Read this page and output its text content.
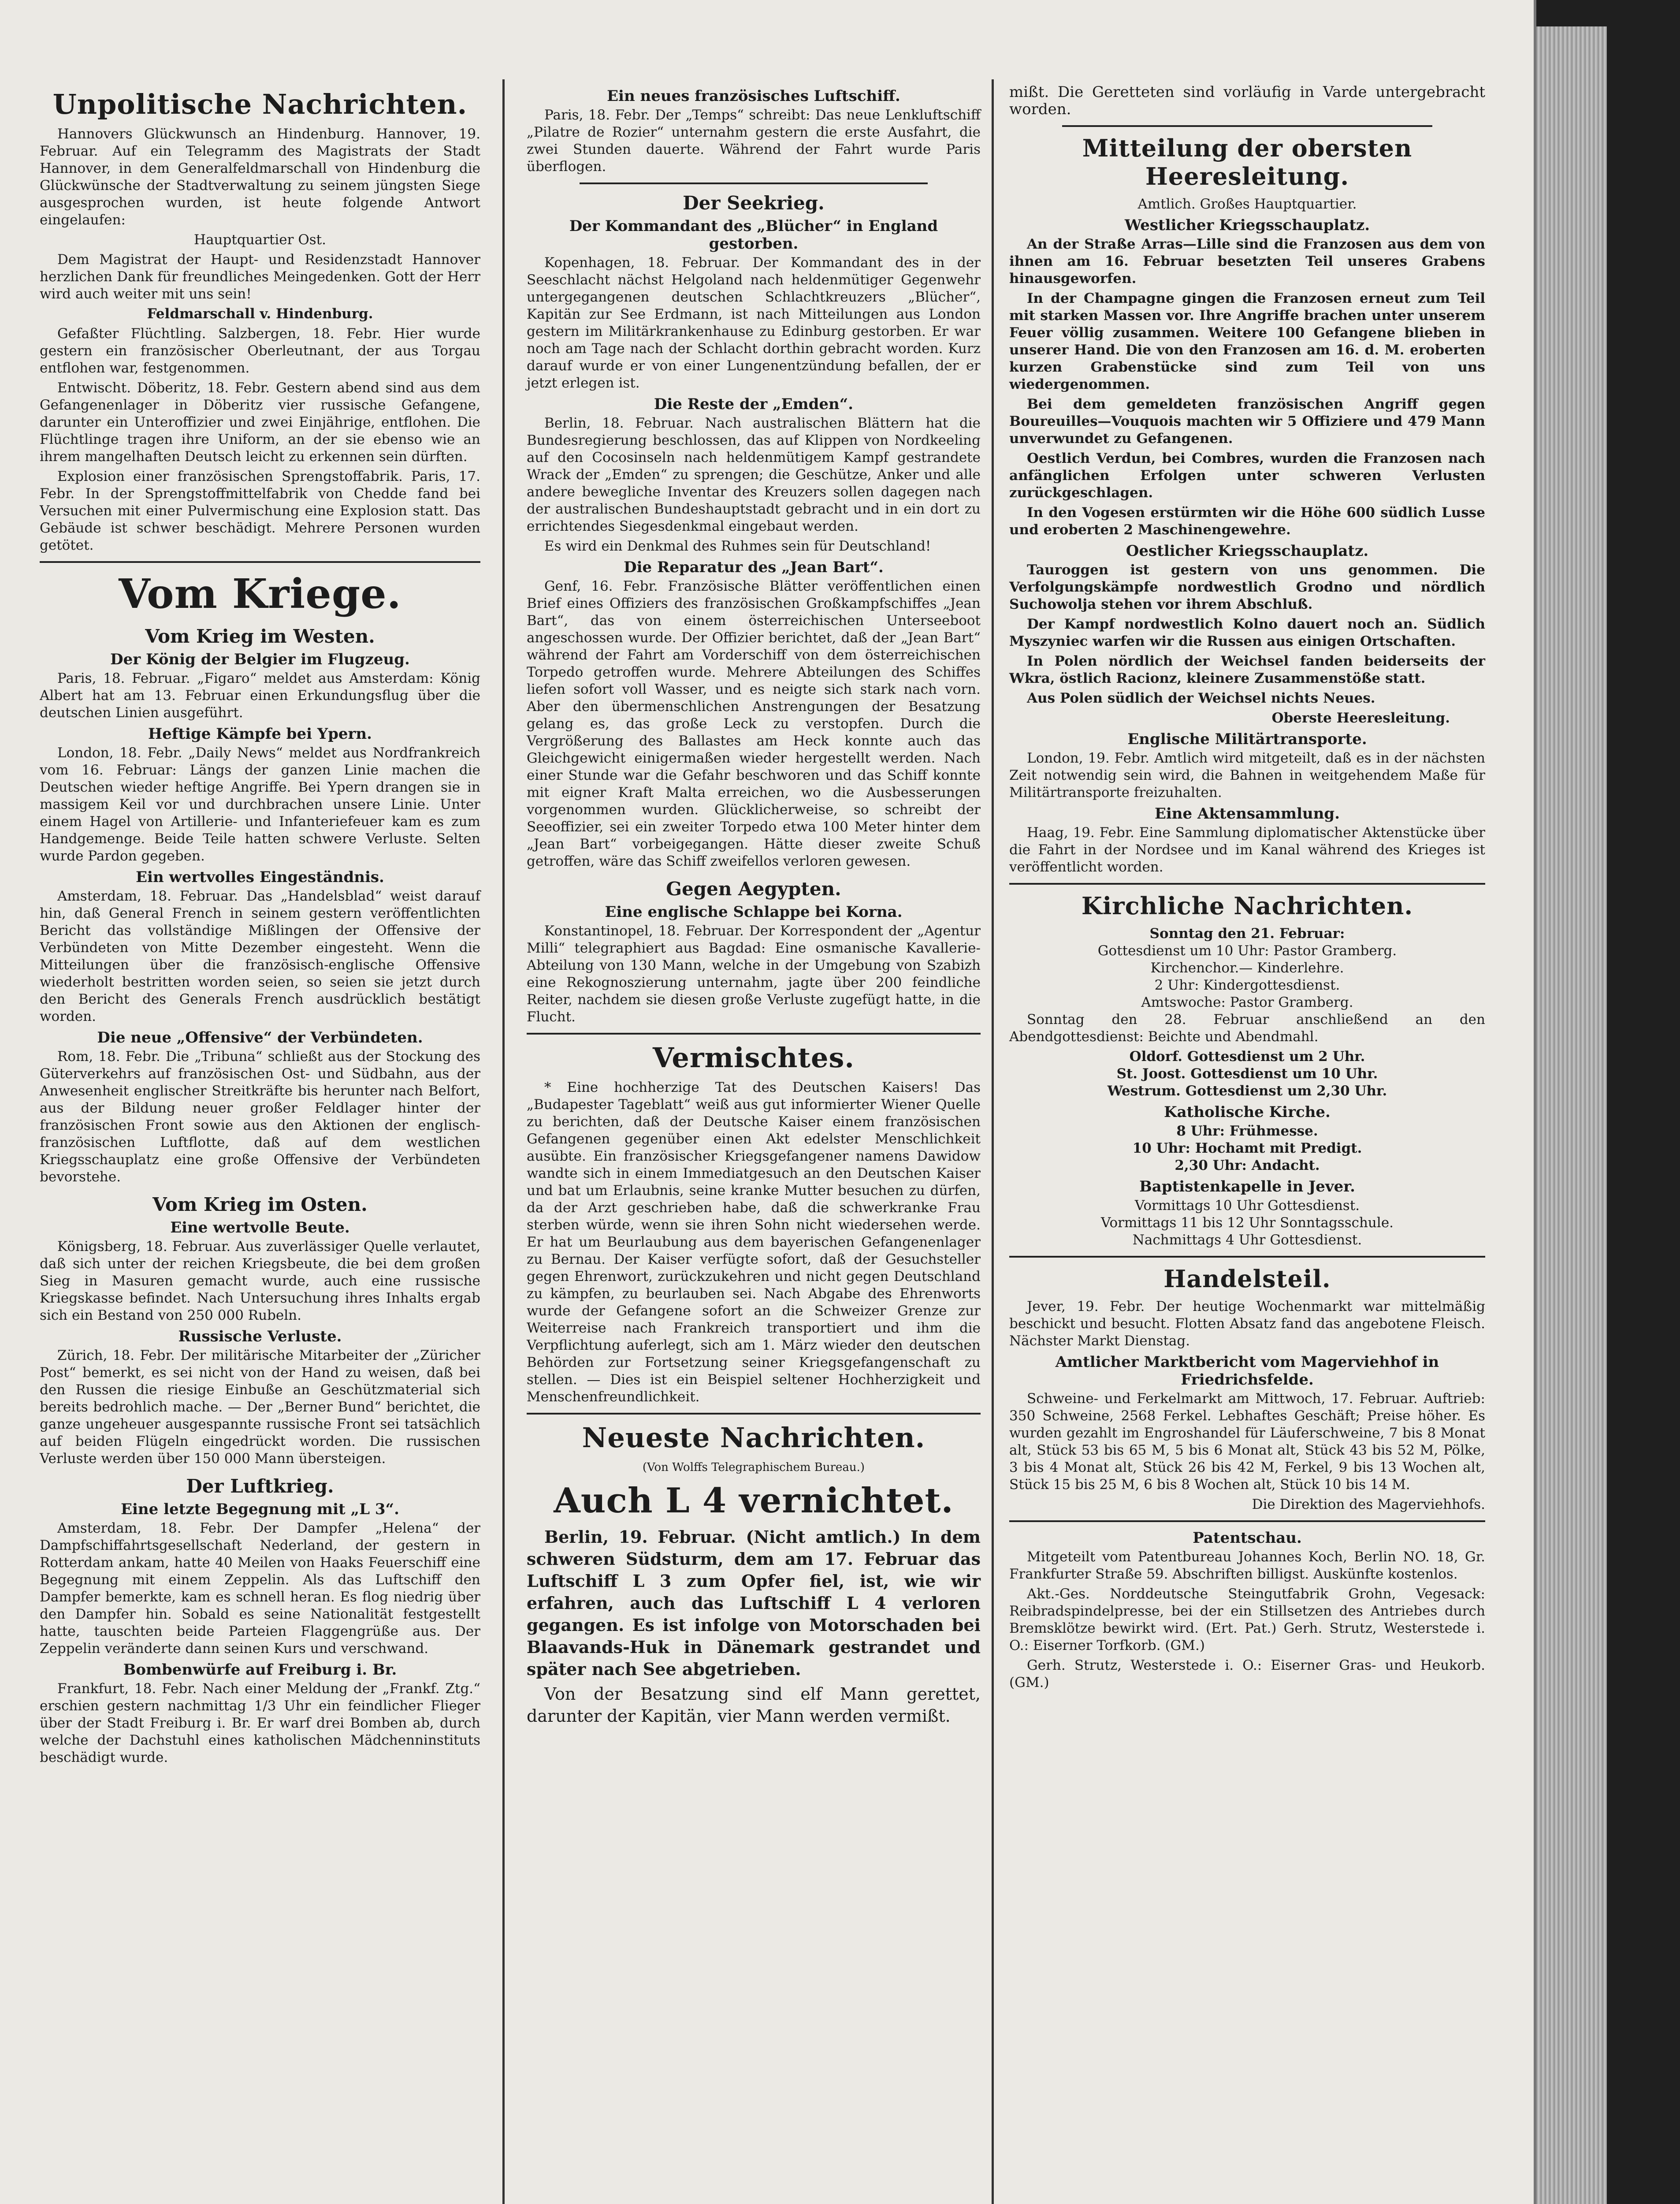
Unpolitische Nachrichten.

Hannovers Glückwunsch an Hindenburg. Hannover, 19. Februar. Auf ein Telegramm des Magistrats der Stadt Hannover, in dem Generalfeldmarschall von Hindenburg die Glückwünsche der Stadtverwaltung zu seinem jüngsten Siege ausgesprochen wurden, ist heute folgende Antwort eingelaufen:

Hauptquartier Ost.

Dem Magistrat der Haupt- und Residenzstadt Hannover herzlichen Dank für freundliches Meingedenken. Gott der Herr wird auch weiter mit uns sein!

Feldmarschall v. Hindenburg.

Gefaßter Flüchtling. Salzbergen, 18. Febr. Hier wurde gestern ein französischer Oberleutnant, der aus Torgau entflohen war, festgenommen.

Entwischt. Döberitz, 18. Febr. Gestern abend sind aus dem Gefangenenlager in Döberitz vier russische Gefangene, darunter ein Unteroffizier und zwei Einjährige, entflohen. Die Flüchtlinge tragen ihre Uniform, an der sie ebenso wie an ihrem mangelhaften Deutsch leicht zu erkennen sein dürften.

Explosion einer französischen Sprengstoffabrik. Paris, 17. Febr. In der Sprengstoffmittelfabrik von Chedde fand bei Versuchen mit einer Pulvermischung eine Explosion statt. Das Gebäude ist schwer beschädigt. Mehrere Personen wurden getötet.

Vom Kriege.
Vom Krieg im Westen.
Der König der Belgier im Flugzeug.

Paris, 18. Februar. „Figaro“ meldet aus Amsterdam: König Albert hat am 13. Februar einen Erkundungsflug über die deutschen Linien ausgeführt.

Heftige Kämpfe bei Ypern.

London, 18. Febr. „Daily News“ meldet aus Nordfrankreich vom 16. Februar: Längs der ganzen Linie machen die Deutschen wieder heftige Angriffe. Bei Ypern drangen sie in massigem Keil vor und durchbrachen unsere Linie. Unter einem Hagel von Artillerie- und Infanteriefeuer kam es zum Handgemenge. Beide Teile hatten schwere Verluste. Selten wurde Pardon gegeben.

Ein wertvolles Eingeständnis.

Amsterdam, 18. Februar. Das „Handelsblad“ weist darauf hin, daß General French in seinem gestern veröffentlichten Bericht das vollständige Mißlingen der Offensive der Verbündeten von Mitte Dezember eingesteht. Wenn die Mitteilungen über die französisch-englische Offensive wiederholt bestritten worden seien, so seien sie jetzt durch den Bericht des Generals French ausdrücklich bestätigt worden.

Die neue „Offensive“ der Verbündeten.

Rom, 18. Febr. Die „Tribuna“ schließt aus der Stockung des Güterverkehrs auf französischen Ost- und Südbahn, aus der Anwesenheit englischer Streitkräfte bis herunter nach Belfort, aus der Bildung neuer großer Feldlager hinter der französischen Front sowie aus den Aktionen der englisch-französischen Luftflotte, daß auf dem westlichen Kriegsschauplatz eine große Offensive der Verbündeten bevorstehe.

Vom Krieg im Osten.
Eine wertvolle Beute.

Königsberg, 18. Februar. Aus zuverlässiger Quelle verlautet, daß sich unter der reichen Kriegsbeute, die bei dem großen Sieg in Masuren gemacht wurde, auch eine russische Kriegskasse befindet. Nach Untersuchung ihres Inhalts ergab sich ein Bestand von 250 000 Rubeln.

Russische Verluste.

Zürich, 18. Febr. Der militärische Mitarbeiter der „Züricher Post“ bemerkt, es sei nicht von der Hand zu weisen, daß bei den Russen die riesige Einbuße an Geschützmaterial sich bereits bedrohlich mache. — Der „Berner Bund“ berichtet, die ganze ungeheuer ausgespannte russische Front sei tatsächlich auf beiden Flügeln eingedrückt worden. Die russischen Verluste werden über 150 000 Mann übersteigen.

Der Luftkrieg.
Eine letzte Begegnung mit „L 3“.

Amsterdam, 18. Febr. Der Dampfer „Helena“ der Dampfschiffahrtsgesellschaft Nederland, der gestern in Rotterdam ankam, hatte 40 Meilen von Haaks Feuerschiff eine Begegnung mit einem Zeppelin. Als das Luftschiff den Dampfer bemerkte, kam es schnell heran. Es flog niedrig über den Dampfer hin. Sobald es seine Nationalität festgestellt hatte, tauschten beide Parteien Flaggengrüße aus. Der Zeppelin veränderte dann seinen Kurs und verschwand.

Bombenwürfe auf Freiburg i. Br.

Frankfurt, 18. Febr. Nach einer Meldung der „Frankf. Ztg.“ erschien gestern nachmittag 1/3 Uhr ein feindlicher Flieger über der Stadt Freiburg i. Br. Er warf drei Bomben ab, durch welche der Dachstuhl eines katholischen Mädchenninstituts beschädigt wurde.

Ein neues französisches Luftschiff.

Paris, 18. Febr. Der „Temps“ schreibt: Das neue Lenkluftschiff „Pilatre de Rozier“ unternahm gestern die erste Ausfahrt, die zwei Stunden dauerte. Während der Fahrt wurde Paris überflogen.

Der Seekrieg.
Der Kommandant des „Blücher“ in England gestorben.

Kopenhagen, 18. Februar. Der Kommandant des in der Seeschlacht nächst Helgoland nach heldenmütiger Gegenwehr untergegangenen deutschen Schlachtkreuzers „Blücher“, Kapitän zur See Erdmann, ist nach Mitteilungen aus London gestern im Militärkrankenhause zu Edinburg gestorben. Er war noch am Tage nach der Schlacht dorthin gebracht worden. Kurz darauf wurde er von einer Lungenentzündung befallen, der er jetzt erlegen ist.

Die Reste der „Emden“.

Berlin, 18. Februar. Nach australischen Blättern hat die Bundesregierung beschlossen, das auf Klippen von Nordkeeling auf den Cocosinseln nach heldenmütigem Kampf gestrandete Wrack der „Emden“ zu sprengen; die Geschütze, Anker und alle andere bewegliche Inventar des Kreuzers sollen dagegen nach der australischen Bundeshauptstadt gebracht und in ein dort zu errichtendes Siegesdenkmal eingebaut werden.

Es wird ein Denkmal des Ruhmes sein für Deutschland!

Die Reparatur des „Jean Bart“.

Genf, 16. Febr. Französische Blätter veröffentlichen einen Brief eines Offiziers des französischen Großkampfschiffes „Jean Bart“, das von einem österreichischen Unterseeboot angeschossen wurde. Der Offizier berichtet, daß der „Jean Bart“ während der Fahrt am Vorderschiff von dem österreichischen Torpedo getroffen wurde. Mehrere Abteilungen des Schiffes liefen sofort voll Wasser, und es neigte sich stark nach vorn. Aber den übermenschlichen Anstrengungen der Besatzung gelang es, das große Leck zu verstopfen. Durch die Vergrößerung des Ballastes am Heck konnte auch das Gleichgewicht einigermaßen wieder hergestellt werden. Nach einer Stunde war die Gefahr beschworen und das Schiff konnte mit eigner Kraft Malta erreichen, wo die Ausbesserungen vorgenommen wurden. Glücklicherweise, so schreibt der Seeoffizier, sei ein zweiter Torpedo etwa 100 Meter hinter dem „Jean Bart“ vorbeigegangen. Hätte dieser zweite Schuß getroffen, wäre das Schiff zweifellos verloren gewesen.

Gegen Aegypten.
Eine englische Schlappe bei Korna.

Konstantinopel, 18. Februar. Der Korrespondent der „Agentur Milli“ telegraphiert aus Bagdad: Eine osmanische Kavallerie-Abteilung von 130 Mann, welche in der Umgebung von Szabizh eine Rekognoszierung unternahm, jagte über 200 feindliche Reiter, nachdem sie diesen große Verluste zugefügt hatte, in die Flucht.

Vermischtes.

* Eine hochherzige Tat des Deutschen Kaisers! Das „Budapester Tageblatt“ weiß aus gut informierter Wiener Quelle zu berichten, daß der Deutsche Kaiser einem französischen Gefangenen gegenüber einen Akt edelster Menschlichkeit ausübte. Ein französischer Kriegsgefangener namens Dawidow wandte sich in einem Immediatgesuch an den Deutschen Kaiser und bat um Erlaubnis, seine kranke Mutter besuchen zu dürfen, da der Arzt geschrieben habe, daß die schwerkranke Frau sterben würde, wenn sie ihren Sohn nicht wiedersehen werde. Er hat um Beurlaubung aus dem bayerischen Gefangenenlager zu Bernau. Der Kaiser verfügte sofort, daß der Gesuchsteller gegen Ehrenwort, zurückzukehren und nicht gegen Deutschland zu kämpfen, zu beurlauben sei. Nach Abgabe des Ehrenworts wurde der Gefangene sofort an die Schweizer Grenze zur Weiterreise nach Frankreich transportiert und ihm die Verpflichtung auferlegt, sich am 1. März wieder den deutschen Behörden zur Fortsetzung seiner Kriegsgefangenschaft zu stellen. — Dies ist ein Beispiel seltener Hochherzigkeit und Menschenfreundlichkeit.

Neueste Nachrichten.

(Von Wolffs Telegraphischem Bureau.)

Auch L 4 vernichtet.

Berlin, 19. Februar. (Nicht amtlich.) In dem schweren Südsturm, dem am 17. Februar das Luftschiff L 3 zum Opfer fiel, ist, wie wir erfahren, auch das Luftschiff L 4 verloren gegangen. Es ist infolge von Motorschaden bei Blaavands-Huk in Dänemark gestrandet und später nach See abgetrieben.

Von der Besatzung sind elf Mann gerettet, darunter der Kapitän, vier Mann werden vermißt.

mißt. Die Geretteten sind vorläufig in Varde untergebracht worden.

Mitteilung der obersten Heeresleitung.

Amtlich. Großes Hauptquartier.

Westlicher Kriegsschauplatz.

An der Straße Arras—Lille sind die Franzosen aus dem von ihnen am 16. Februar besetzten Teil unseres Grabens hinausgeworfen.

In der Champagne gingen die Franzosen erneut zum Teil mit starken Massen vor. Ihre Angriffe brachen unter unserem Feuer völlig zusammen. Weitere 100 Gefangene blieben in unserer Hand. Die von den Franzosen am 16. d. M. eroberten kurzen Grabenstücke sind zum Teil von uns wiedergenommen.

Bei dem gemeldeten französischen Angriff gegen Boureuilles—Vouquois machten wir 5 Offiziere und 479 Mann unverwundet zu Gefangenen.

Oestlich Verdun, bei Combres, wurden die Franzosen nach anfänglichen Erfolgen unter schweren Verlusten zurückgeschlagen.

In den Vogesen erstürmten wir die Höhe 600 südlich Lusse und eroberten 2 Maschinengewehre.

Oestlicher Kriegsschauplatz.

Tauroggen ist gestern von uns genommen. Die Verfolgungskämpfe nordwestlich Grodno und nördlich Suchowolja stehen vor ihrem Abschluß.

Der Kampf nordwestlich Kolno dauert noch an. Südlich Myszyniec warfen wir die Russen aus einigen Ortschaften.

In Polen nördlich der Weichsel fanden beiderseits der Wkra, östlich Racionz, kleinere Zusammenstöße statt.

Aus Polen südlich der Weichsel nichts Neues.

Oberste Heeresleitung.

Englische Militärtransporte.

London, 19. Febr. Amtlich wird mitgeteilt, daß es in der nächsten Zeit notwendig sein wird, die Bahnen in weitgehendem Maße für Militärtransporte freizuhalten.

Eine Aktensammlung.

Haag, 19. Febr. Eine Sammlung diplomatischer Aktenstücke über die Fahrt in der Nordsee und im Kanal während des Krieges ist veröffentlicht worden.

Kirchliche Nachrichten.

Sonntag den 21. Februar:

Gottesdienst um 10 Uhr: Pastor Gramberg.

Kirchenchor.— Kinderlehre.

2 Uhr: Kindergottesdienst.

Amtswoche: Pastor Gramberg.

Sonntag den 28. Februar anschließend an den Abendgottesdienst: Beichte und Abendmahl.

Oldorf. Gottesdienst um 2 Uhr.

St. Joost. Gottesdienst um 10 Uhr.

Westrum. Gottesdienst um 2,30 Uhr.

Katholische Kirche.

8 Uhr: Frühmesse.

10 Uhr: Hochamt mit Predigt.

2,30 Uhr: Andacht.

Baptistenkapelle in Jever.

Vormittags 10 Uhr Gottesdienst.

Vormittags 11 bis 12 Uhr Sonntagsschule.

Nachmittags 4 Uhr Gottesdienst.

Handelsteil.

Jever, 19. Febr. Der heutige Wochenmarkt war mittelmäßig beschickt und besucht. Flotten Absatz fand das angebotene Fleisch. Nächster Markt Dienstag.

Amtlicher Marktbericht vom Magerviehhof in Friedrichsfelde.

Schweine- und Ferkelmarkt am Mittwoch, 17. Februar. Auftrieb: 350 Schweine, 2568 Ferkel. Lebhaftes Geschäft; Preise höher. Es wurden gezahlt im Engroshandel für Läuferschweine, 7 bis 8 Monat alt, Stück 53 bis 65 M, 5 bis 6 Monat alt, Stück 43 bis 52 M, Pölke, 3 bis 4 Monat alt, Stück 26 bis 42 M, Ferkel, 9 bis 13 Wochen alt, Stück 15 bis 25 M, 6 bis 8 Wochen alt, Stück 10 bis 14 M.

Die Direktion des Magerviehhofs.

Patentschau.

Mitgeteilt vom Patentbureau Johannes Koch, Berlin NO. 18, Gr. Frankfurter Straße 59. Abschriften billigst. Auskünfte kostenlos.

Akt.-Ges. Norddeutsche Steingutfabrik Grohn, Vegesack: Reibradspindelpresse, bei der ein Stillsetzen des Antriebes durch Bremsklötze bewirkt wird. (Ert. Pat.) Gerh. Strutz, Westerstede i. O.: Eiserner Torfkorb. (GM.)

Gerh. Strutz, Westerstede i. O.: Eiserner Gras- und Heukorb. (GM.)
